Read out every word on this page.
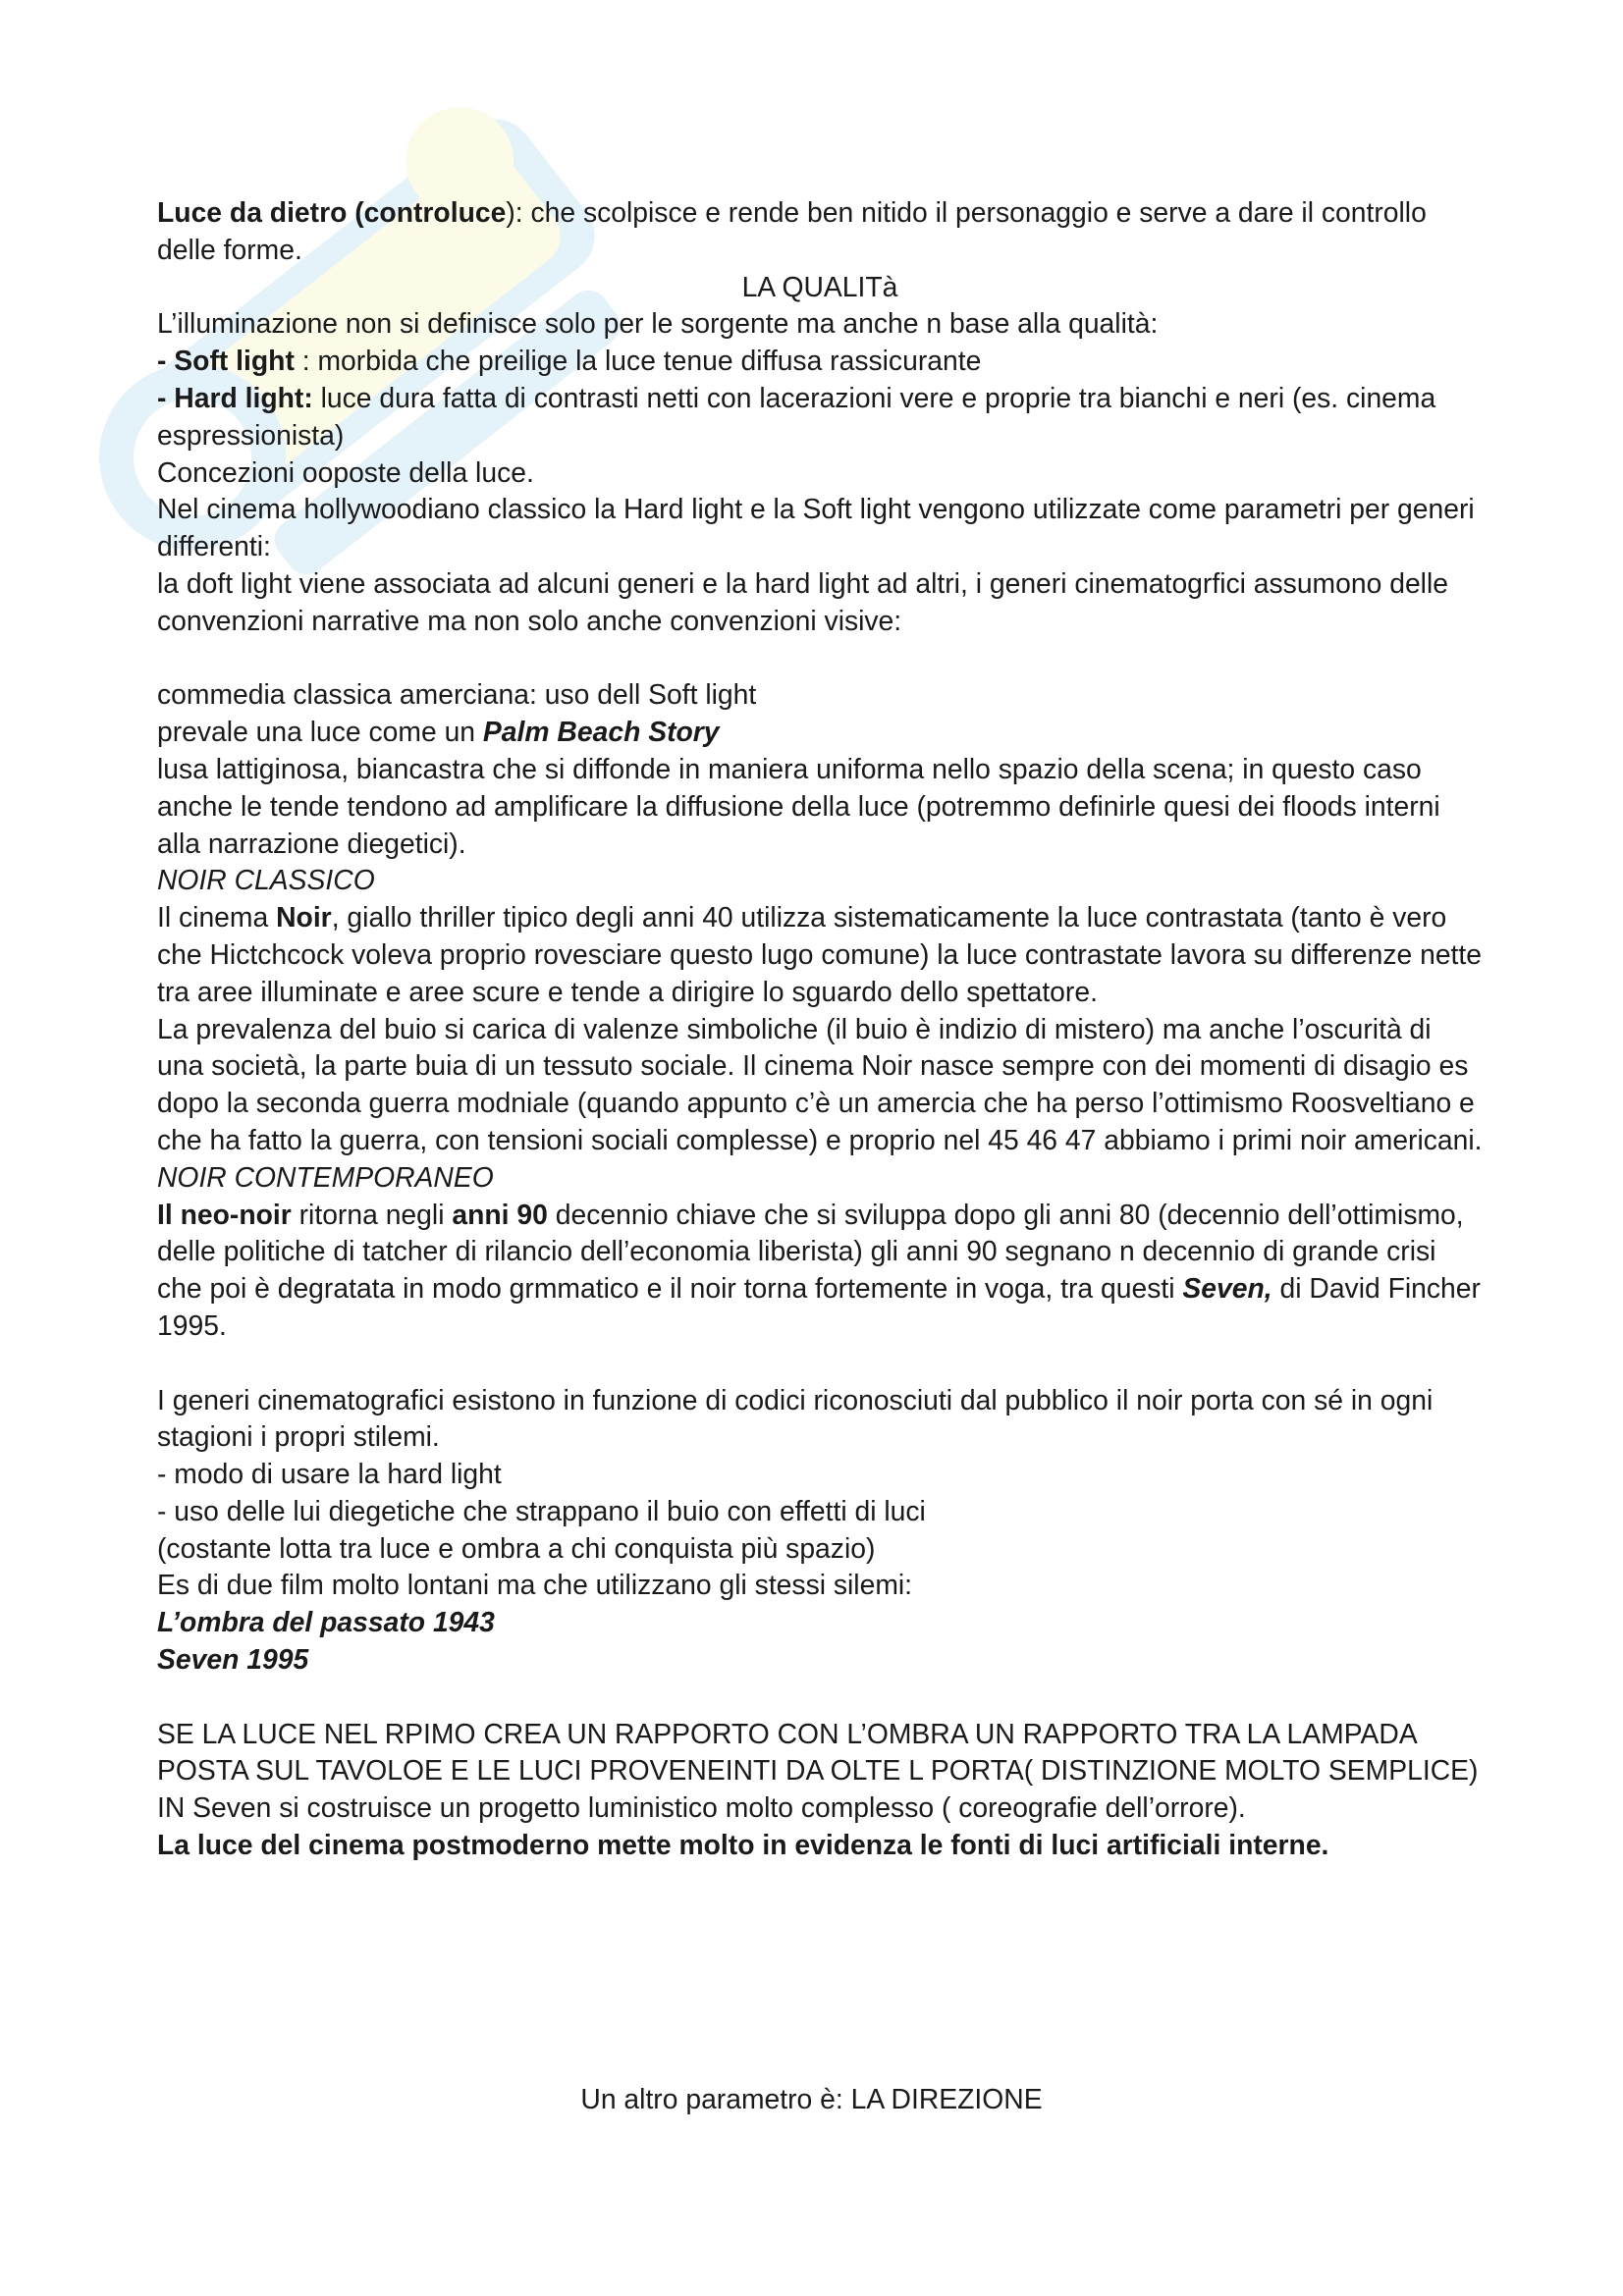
Luce da dietro (controluce): che scolpisce e rende ben nitido il personaggio e serve a dare il controllo delle forme.

LA QUALITà

L’illuminazione non si definisce solo per le sorgente ma anche n base alla qualità:

- Soft light : morbida che preilige la luce tenue diffusa rassicurante

- Hard light: luce dura fatta di contrasti netti con lacerazioni vere e proprie tra bianchi e neri (es. cinema espressionista)

Concezioni ooposte della luce.

Nel cinema hollywoodiano classico la Hard light e la Soft light vengono utilizzate come parametri per generi differenti:

la doft light viene associata ad alcuni generi e la hard light ad altri, i generi cinematogrfici assumono delle convenzioni narrative ma non solo anche convenzioni visive:

commedia classica amerciana: uso dell Soft light

prevale una luce come un Palm Beach Story

lusa lattiginosa, biancastra che si diffonde in maniera uniforma nello spazio della scena; in questo caso anche le tende tendono ad amplificare la diffusione della luce (potremmo definirle quesi dei floods interni alla narrazione diegetici).

NOIR CLASSICO

Il cinema Noir, giallo thriller tipico degli anni 40 utilizza sistematicamente la luce contrastata (tanto è vero che Hictchcock voleva proprio rovesciare questo lugo comune) la luce contrastate lavora su differenze nette tra aree illuminate e aree scure e tende a dirigire lo sguardo dello spettatore.

La prevalenza del buio si carica di valenze simboliche (il buio è indizio di mistero) ma anche l’oscurità di una società, la parte buia di un tessuto sociale. Il cinema Noir nasce sempre con dei momenti di disagio es dopo la seconda guerra modniale (quando appunto c’è un amercia che ha perso l’ottimismo Roosveltiano e che ha fatto la guerra, con tensioni sociali complesse) e proprio nel 45 46 47 abbiamo i primi noir americani.

NOIR CONTEMPORANEO

Il neo-noir ritorna negli anni 90 decennio chiave che si sviluppa dopo gli anni 80 (decennio dell’ottimismo, delle politiche di tatcher di rilancio dell’economia liberista) gli anni 90 segnano n decennio di grande crisi che poi è degratata in modo grmmatico e il noir torna fortemente in voga, tra questi Seven, di David Fincher 1995.

I generi cinematografici esistono in funzione di codici riconosciuti dal pubblico il noir porta con sé in ogni stagioni i propri stilemi.

- modo di usare la hard light

- uso delle lui diegetiche che strappano il buio con effetti di luci

(costante lotta tra luce e ombra a chi conquista più spazio)

Es di due film molto lontani ma che utilizzano gli stessi silemi:

L’ombra del passato 1943

Seven 1995

SE LA LUCE NEL RPIMO CREA UN RAPPORTO CON L’OMBRA UN RAPPORTO TRA LA LAMPADA POSTA SUL TAVOLOE E LE LUCI PROVENEINTI DA OLTE L PORTA( DISTINZIONE MOLTO SEMPLICE) IN Seven si costruisce un progetto luministico molto complesso ( coreografie dell’orrore).

La luce del cinema postmoderno mette molto in evidenza le fonti di luci artificiali interne.

Un altro parametro è: LA DIREZIONE
